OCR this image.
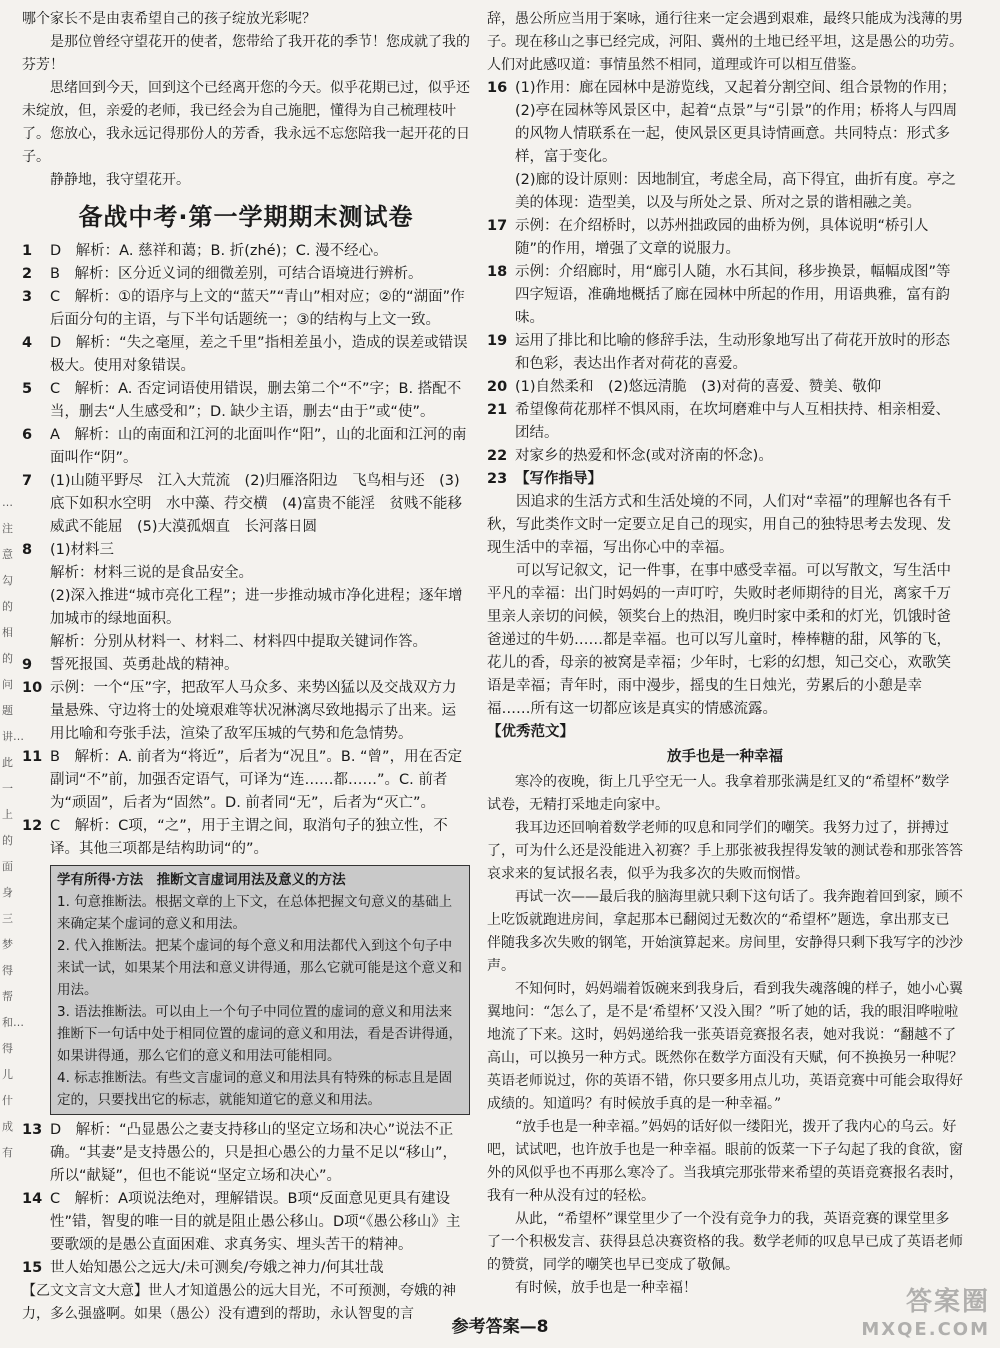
…注意勾的相的问题讲…此一上的面身三梦得帮和…得儿什成有

哪个家长不是由衷希望自己的孩子绽放光彩呢？

是那位曾经守望花开的使者，您带给了我开花的季节！您成就了我的芬芳！

思绪回到今天，回到这个已经离开您的今天。似乎花期已过，似乎还未绽放，但，亲爱的老师，我已经会为自己施肥，懂得为自己梳理枝叶了。您放心，我永远记得那份人的芳香，我永远不忘您陪我一起开花的日子。

静静地，我守望花开。

备战中考·第一学期期末测试卷
1	D　解析：A. 慈祥和蔼；B. 折(zhé)；C. 漫不经心。
2	B　解析：区分近义词的细微差别，可结合语境进行辨析。
3	C　解析：①的语序与上文的“蓝天”“青山”相对应；②的“湖面”作后面分句的主语，与下半句话题统一；③的结构与上文一致。
4	D　解析：“失之毫厘，差之千里”指相差虽小，造成的误差或错误极大。使用对象错误。
5	C　解析：A. 否定词语使用错误，删去第二个“不”字；B. 搭配不当，删去“人生感受和”；D. 缺少主语，删去“由于”或“使”。
6	A　解析：山的南面和江河的北面叫作“阳”，山的北面和江河的南面叫作“阴”。
7	(1)山随平野尽　江入大荒流　(2)归雁洛阳边　飞鸟相与还　(3)底下如积水空明　水中藻、荇交横　(4)富贵不能淫　贫贱不能移　威武不能屈　(5)大漠孤烟直　长河落日圆
8	(1)材料三
解析：材料三说的是食品安全。
(2)深入推进“城市亮化工程”；进一步推动城市净化进程；逐年增加城市的绿地面积。
解析：分别从材料一、材料二、材料四中提取关键词作答。
9	誓死报国、英勇赴战的精神。
10 示例：一个“压”字，把敌军人马众多、来势凶猛以及交战双方力量悬殊、守边将士的处境艰难等状况淋漓尽致地揭示了出来。运用比喻和夸张手法，渲染了敌军压城的气势和危急情势。
11 B　解析：A. 前者为“将近”，后者为“况且”。B. “曾”，用在否定副词“不”前，加强否定语气，可译为“连……都……”。C. 前者为“顽固”，后者为“固然”。D. 前者同“无”，后者为“灭亡”。
12 C　解析：C项，“之”，用于主谓之间，取消句子的独立性，不译。其他三项都是结构助词“的”。
学有所得·方法　推断文言虚词用法及意义的方法

1. 句意推断法。根据文章的上下文，在总体把握文句意义的基础上来确定某个虚词的意义和用法。

2. 代入推断法。把某个虚词的每个意义和用法都代入到这个句子中来试一试，如果某个用法和意义讲得通，那么它就可能是这个意义和用法。

3. 语法推断法。可以由上一个句子中同位置的虚词的意义和用法来推断下一句话中处于相同位置的虚词的意义和用法，看是否讲得通，如果讲得通，那么它们的意义和用法可能相同。

4. 标志推断法。有些文言虚词的意义和用法具有特殊的标志且是固定的，只要找出它的标志，就能知道它的意义和用法。

13 D　解析：“凸显愚公之妻支持移山的坚定立场和决心”说法不正确。“其妻”是支持愚公的，只是担心愚公的力量不足以“移山”，所以“献疑”，但也不能说“坚定立场和决心”。
14 C　解析：A项说法绝对，理解错误。B项“反面意见更具有建设性”错，智叟的唯一目的就是阻止愚公移山。D项“《愚公移山》主要歌颂的是愚公直面困难、求真务实、埋头苦干的精神。
15 世人始知愚公之远大/未可测矣/夸娥之神力/何其壮哉

【乙文文言文大意】世人才知道愚公的远大目光，不可预测，夸娥的神力，多么强盛啊。如果（愚公）没有遭到的帮助，永认智叟的言

辞，愚公所应当用于案咏，通行往来一定会遇到艰难，最终只能成为浅薄的男子。现在移山之事已经完成，河阳、冀州的土地已经平坦，这是愚公的功劳。人们对此感叹道：事情虽然不相同，道理或许可以相互借鉴。

16 (1)作用：廊在园林中是游览线，又起着分割空间、组合景物的作用；(2)亭在园林等风景区中，起着“点景”与“引景”的作用；桥将人与四周的风物人情联系在一起，使风景区更具诗情画意。共同特点：形式多样，富于变化。
(2)廊的设计原则：因地制宜，考虑全局，高下得宜，曲折有度。亭之美的体现：造型美，以及与所处之景、所对之景的谐相融之美。
17 示例：在介绍桥时，以苏州拙政园的曲桥为例，具体说明“桥引人随”的作用，增强了文章的说服力。
18 示例：介绍廊时，用“廊引人随，水石其间，移步换景，幅幅成图”等四字短语，准确地概括了廊在园林中所起的作用，用语典雅，富有韵味。
19 运用了排比和比喻的修辞手法，生动形象地写出了荷花开放时的形态和色彩，表达出作者对荷花的喜爱。
20 (1)自然柔和　(2)悠远清脆　(3)对荷的喜爱、赞美、敬仰
21 希望像荷花那样不惧风雨，在坎坷磨难中与人互相扶持、相亲相爱、团结。
22 对家乡的热爱和怀念(或对济南的怀念)。
23 【写作指导】

因追求的生活方式和生活处境的不同，人们对“幸福”的理解也各有千秋，写此类作文时一定要立足自己的现实，用自己的独特思考去发现、发现生活中的幸福，写出你心中的幸福。

可以写记叙文，记一件事，在事中感受幸福。可以写散文，写生活中平凡的幸福：出门时妈妈的一声叮咛，失败时老师期待的目光，离家千万里亲人亲切的问候，领奖台上的热泪，晚归时家中柔和的灯光，饥饿时爸爸递过的牛奶……都是幸福。也可以写儿童时，棒棒糖的甜，风筝的飞，花儿的香，母亲的被窝是幸福；少年时，七彩的幻想，知己交心，欢歌笑语是幸福；青年时，雨中漫步，摇曳的生日烛光，劳累后的小憩是幸福……所有这一切都应该是真实的情感流露。

【优秀范文】

放手也是一种幸福

寒冷的夜晚，街上几乎空无一人。我拿着那张满是红叉的“希望杯”数学试卷，无精打采地走向家中。

我耳边还回响着数学老师的叹息和同学们的嘲笑。我努力过了，拼搏过了，可为什么还是没能进入初赛？手上那张被我捏得发皱的测试卷和那张答答哀求来的复试报名表，似乎为我多次的失败而悯惜。

再试一次——最后我的脑海里就只剩下这句话了。我奔跑着回到家，顾不上吃饭就跑进房间，拿起那本已翻阅过无数次的“希望杯”题选，拿出那支已伴随我多次失败的钢笔，开始演算起来。房间里，安静得只剩下我写字的沙沙声。

不知何时，妈妈端着饭碗来到我身后，看到我失魂落魄的样子，她小心翼翼地问：“怎么了，是不是‘希望杯’又没入围？”听了她的话，我的眼泪哗啦啦地流了下来。这时，妈妈递给我一张英语竞赛报名表，她对我说：“翻越不了高山，可以换另一种方式。既然你在数学方面没有天赋，何不换换另一种呢？英语老师说过，你的英语不错，你只要多用点儿功，英语竞赛中可能会取得好成绩的。知道吗？有时候放手真的是一种幸福。”

“放手也是一种幸福。”妈妈的话好似一缕阳光，拨开了我内心的乌云。好吧，试试吧，也许放手也是一种幸福。眼前的饭菜一下子勾起了我的食欲，窗外的风似乎也不再那么寒冷了。当我填完那张带来希望的英语竞赛报名表时，我有一种从没有过的轻松。

从此，“希望杯”课堂里少了一个没有竞争力的我，英语竞赛的课堂里多了一个积极发言、获得县总决赛资格的我。数学老师的叹息早已成了英语老师的赞赏，同学的嘲笑也早已变成了敬佩。

有时候，放手也是一种幸福！

参考答案—8
答案圈
MXQE.COM
